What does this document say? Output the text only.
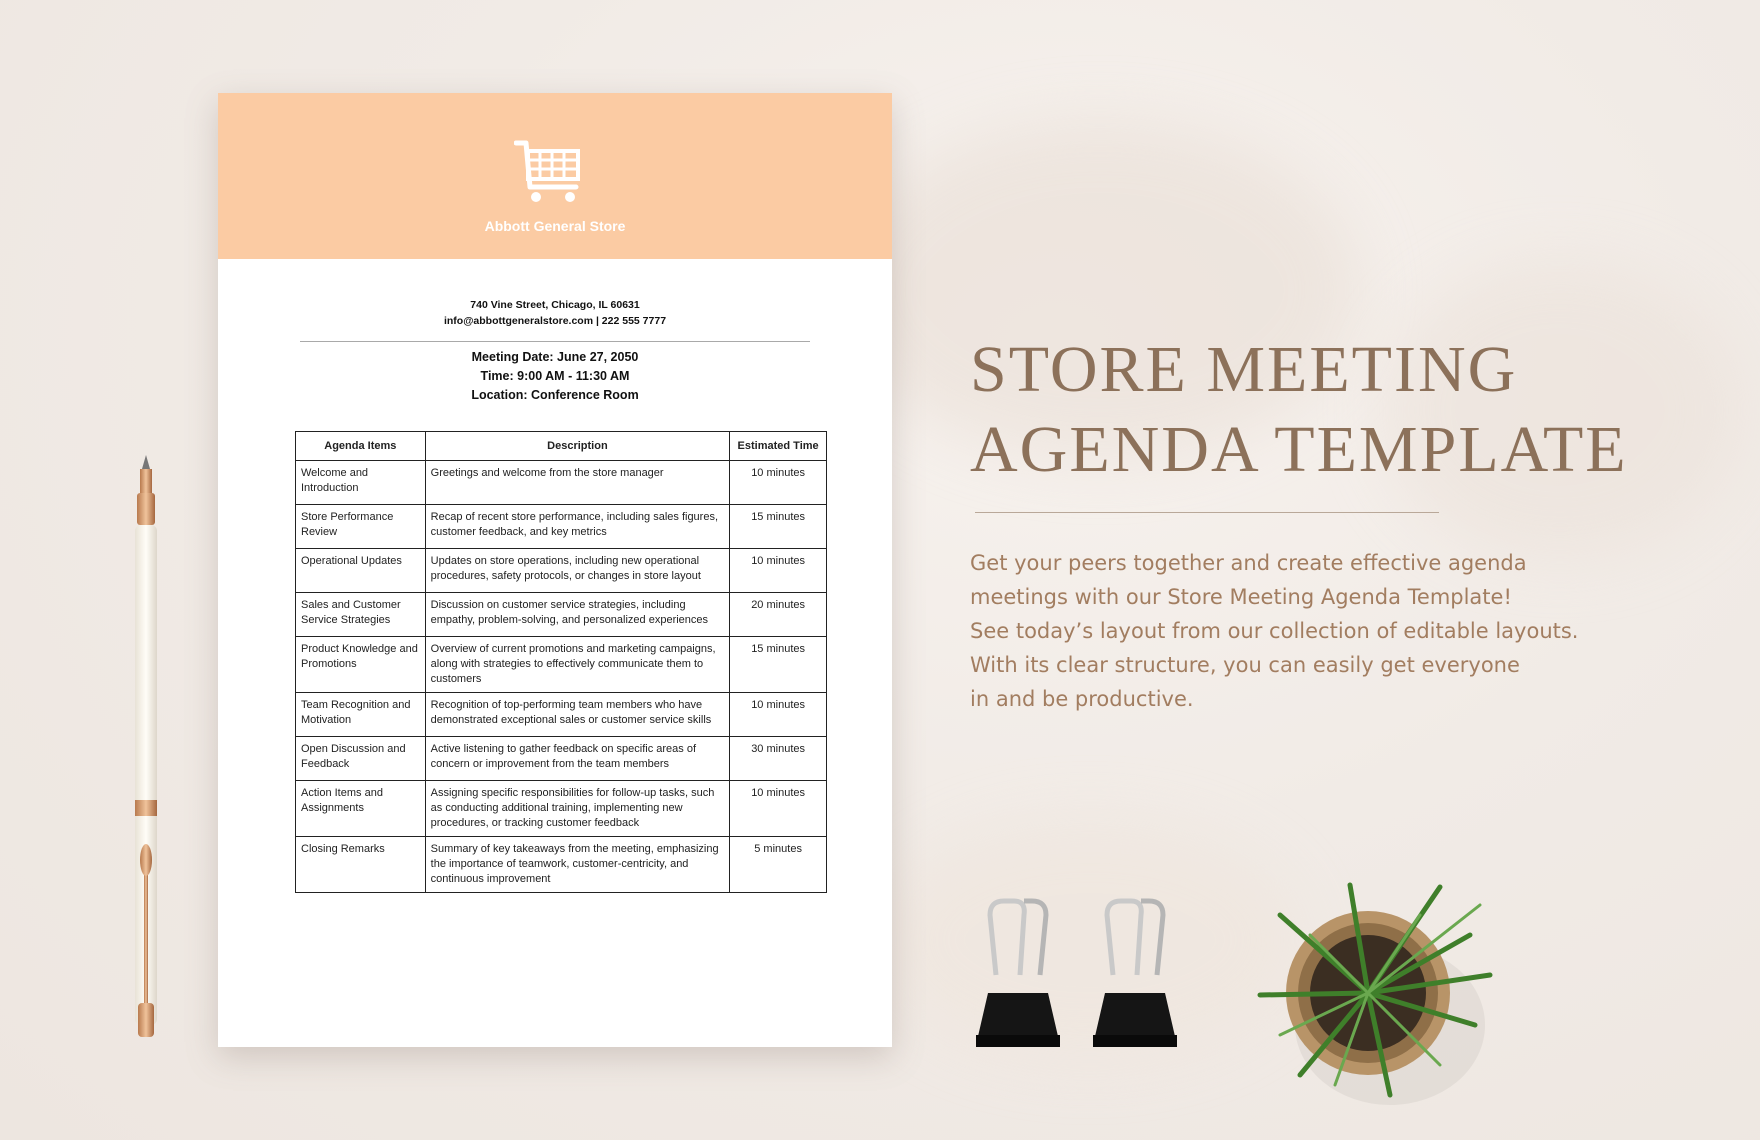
Abbott General Store
740 Vine Street, Chicago, IL 60631
info@abbottgeneralstore.com | 222 555 7777
Meeting Date: June 27, 2050
Time: 9:00 AM - 11:30 AM
Location: Conference Room
Agenda Items	Description	Estimated Time
Welcome and Introduction	Greetings and welcome from the store manager	10 minutes
Store Performance Review	Recap of recent store performance, including sales figures, customer feedback, and key metrics	15 minutes
Operational Updates	Updates on store operations, including new operational procedures, safety protocols, or changes in store layout	10 minutes
Sales and Customer Service Strategies	Discussion on customer service strategies, including empathy, problem-solving, and personalized experiences	20 minutes
Product Knowledge and Promotions	Overview of current promotions and marketing campaigns, along with strategies to effectively communicate them to customers	15 minutes
Team Recognition and Motivation	Recognition of top-performing team members who have demonstrated exceptional sales or customer service skills	10 minutes
Open Discussion and Feedback	Active listening to gather feedback on specific areas of concern or improvement from the team members	30 minutes
Action Items and Assignments	Assigning specific responsibilities for follow-up tasks, such as conducting additional training, implementing new procedures, or tracking customer feedback	10 minutes
Closing Remarks	Summary of key takeaways from the meeting, emphasizing the importance of teamwork, customer-centricity, and continuous improvement	5 minutes
STORE MEETING
AGENDA TEMPLATE
Get your peers together and create effective agenda
meetings with our Store Meeting Agenda Template!
See today’s layout from our collection of editable layouts.
With its clear structure, you can easily get everyone
in and be productive.
